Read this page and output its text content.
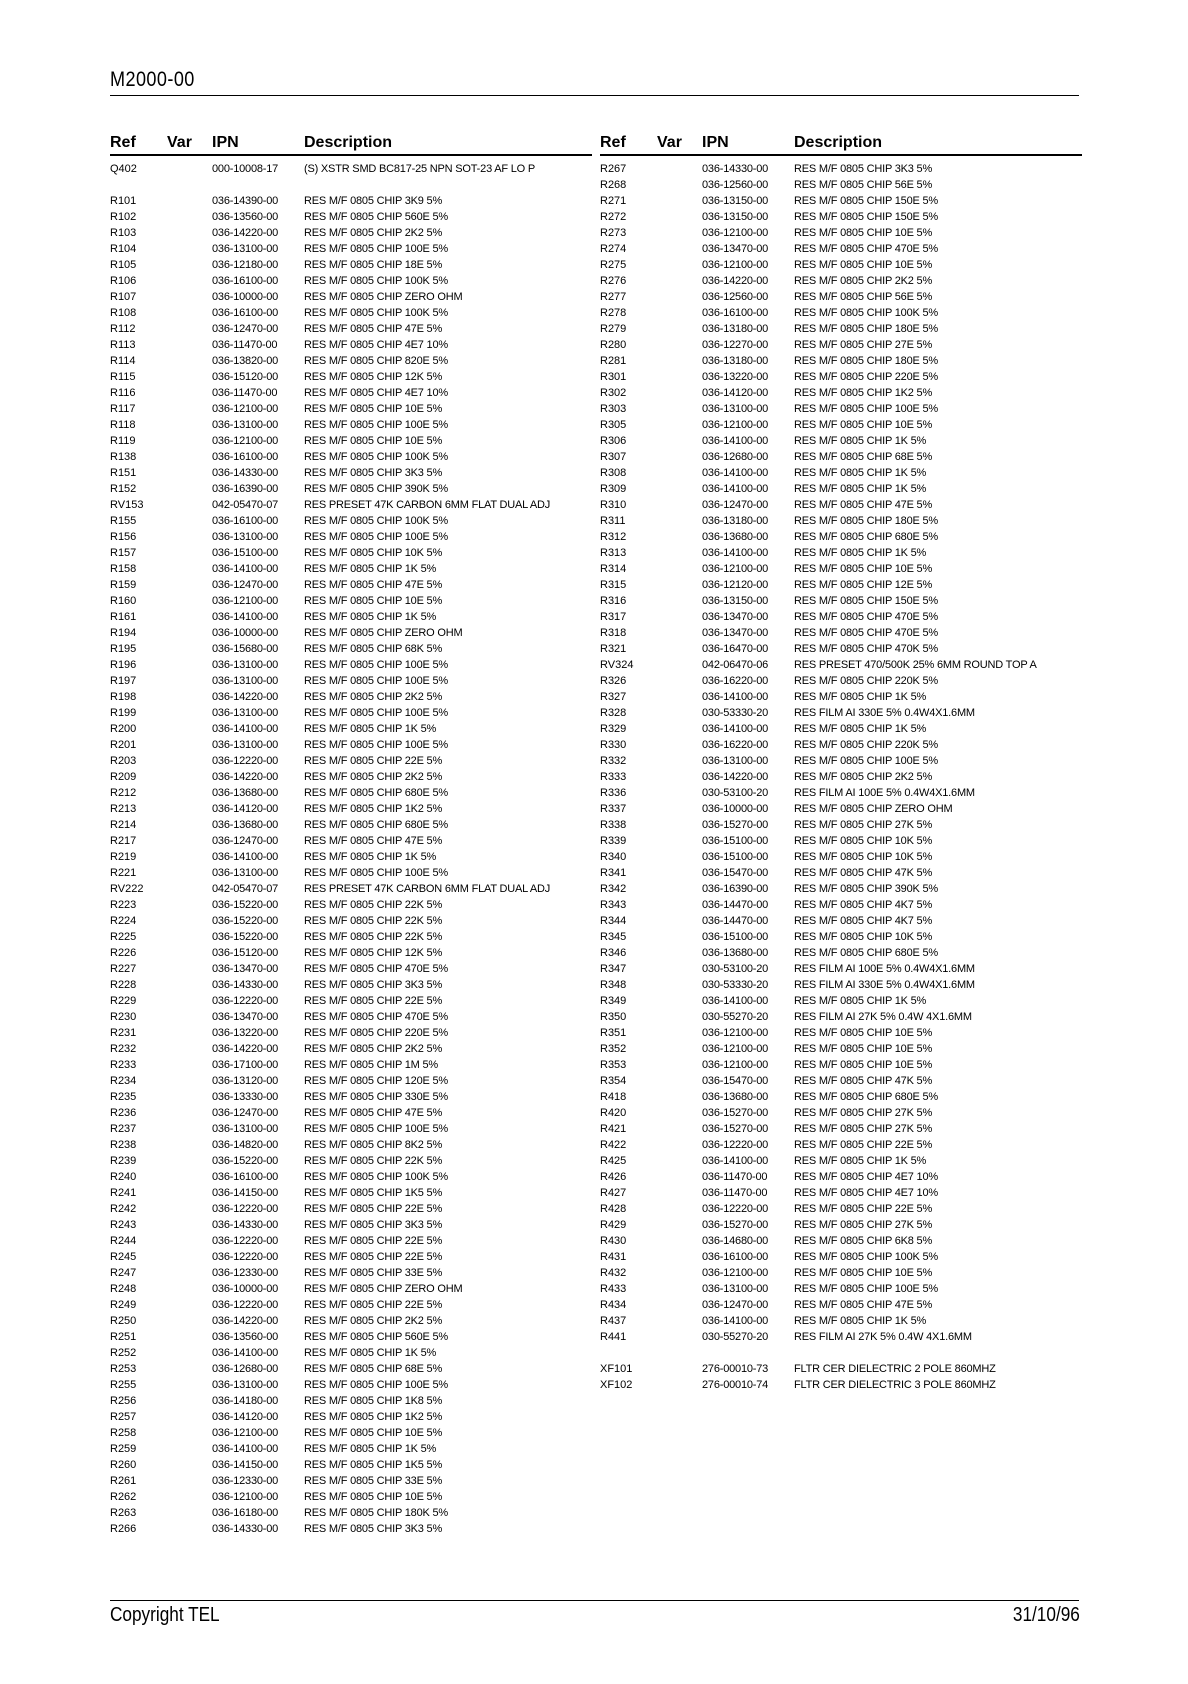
M2000-00
Ref Var IPN	Description
Q402	000-10008-17 (S) XSTR SMD BC817-25 NPN SOT-23 AF LO P
R101	036-14390-00 RES M/F 0805 CHIP 3K9 5%
R102	036-13560-00 RES M/F 0805 CHIP 560E 5%
R103	036-14220-00 RES M/F 0805 CHIP 2K2 5%
R104	036-13100-00 RES M/F 0805 CHIP 100E 5%
R105	036-12180-00 RES M/F 0805 CHIP 18E 5%
R106	036-16100-00 RES M/F 0805 CHIP 100K 5%
R107	036-10000-00 RES M/F 0805 CHIP ZERO OHM
R108	036-16100-00 RES M/F 0805 CHIP 100K 5%
R112	036-12470-00 RES M/F 0805 CHIP 47E 5%
R113	036-11470-00 RES M/F 0805 CHIP 4E7 10%
R114	036-13820-00 RES M/F 0805 CHIP 820E 5%
R115	036-15120-00 RES M/F 0805 CHIP 12K 5%
R116	036-11470-00 RES M/F 0805 CHIP 4E7 10%
R117	036-12100-00 RES M/F 0805 CHIP 10E 5%
R118	036-13100-00 RES M/F 0805 CHIP 100E 5%
R119	036-12100-00 RES M/F 0805 CHIP 10E 5%
R138	036-16100-00 RES M/F 0805 CHIP 100K 5%
R151	036-14330-00 RES M/F 0805 CHIP 3K3 5%
R152	036-16390-00 RES M/F 0805 CHIP 390K 5%
RV153	042-05470-07 RES PRESET 47K CARBON 6MM FLAT DUAL ADJ
R155	036-16100-00 RES M/F 0805 CHIP 100K 5%
R156	036-13100-00 RES M/F 0805 CHIP 100E 5%
R157	036-15100-00 RES M/F 0805 CHIP 10K 5%
R158	036-14100-00 RES M/F 0805 CHIP 1K 5%
R159	036-12470-00 RES M/F 0805 CHIP 47E 5%
R160	036-12100-00 RES M/F 0805 CHIP 10E 5%
R161	036-14100-00 RES M/F 0805 CHIP 1K 5%
R194	036-10000-00 RES M/F 0805 CHIP ZERO OHM
R195	036-15680-00 RES M/F 0805 CHIP 68K 5%
R196	036-13100-00 RES M/F 0805 CHIP 100E 5%
R197	036-13100-00 RES M/F 0805 CHIP 100E 5%
R198	036-14220-00 RES M/F 0805 CHIP 2K2 5%
R199	036-13100-00 RES M/F 0805 CHIP 100E 5%
R200	036-14100-00 RES M/F 0805 CHIP 1K 5%
R201	036-13100-00 RES M/F 0805 CHIP 100E 5%
R203	036-12220-00 RES M/F 0805 CHIP 22E 5%
R209	036-14220-00 RES M/F 0805 CHIP 2K2 5%
R212	036-13680-00 RES M/F 0805 CHIP 680E 5%
R213	036-14120-00 RES M/F 0805 CHIP 1K2 5%
R214	036-13680-00 RES M/F 0805 CHIP 680E 5%
R217	036-12470-00 RES M/F 0805 CHIP 47E 5%
R219	036-14100-00 RES M/F 0805 CHIP 1K 5%
R221	036-13100-00 RES M/F 0805 CHIP 100E 5%
RV222	042-05470-07 RES PRESET 47K CARBON 6MM FLAT DUAL ADJ
R223	036-15220-00 RES M/F 0805 CHIP 22K 5%
R224	036-15220-00 RES M/F 0805 CHIP 22K 5%
R225	036-15220-00 RES M/F 0805 CHIP 22K 5%
R226	036-15120-00 RES M/F 0805 CHIP 12K 5%
R227	036-13470-00 RES M/F 0805 CHIP 470E 5%
R228	036-14330-00 RES M/F 0805 CHIP 3K3 5%
R229	036-12220-00 RES M/F 0805 CHIP 22E 5%
R230	036-13470-00 RES M/F 0805 CHIP 470E 5%
R231	036-13220-00 RES M/F 0805 CHIP 220E 5%
R232	036-14220-00 RES M/F 0805 CHIP 2K2 5%
R233	036-17100-00 RES M/F 0805 CHIP 1M 5%
R234	036-13120-00 RES M/F 0805 CHIP 120E 5%
R235	036-13330-00 RES M/F 0805 CHIP 330E 5%
R236	036-12470-00 RES M/F 0805 CHIP 47E 5%
R237	036-13100-00 RES M/F 0805 CHIP 100E 5%
R238	036-14820-00 RES M/F 0805 CHIP 8K2 5%
R239	036-15220-00 RES M/F 0805 CHIP 22K 5%
R240	036-16100-00 RES M/F 0805 CHIP 100K 5%
R241	036-14150-00 RES M/F 0805 CHIP 1K5 5%
R242	036-12220-00 RES M/F 0805 CHIP 22E 5%
R243	036-14330-00 RES M/F 0805 CHIP 3K3 5%
R244	036-12220-00 RES M/F 0805 CHIP 22E 5%
R245	036-12220-00 RES M/F 0805 CHIP 22E 5%
R247	036-12330-00 RES M/F 0805 CHIP 33E 5%
R248	036-10000-00 RES M/F 0805 CHIP ZERO OHM
R249	036-12220-00 RES M/F 0805 CHIP 22E 5%
R250	036-14220-00 RES M/F 0805 CHIP 2K2 5%
R251	036-13560-00 RES M/F 0805 CHIP 560E 5%
R252	036-14100-00 RES M/F 0805 CHIP 1K 5%
R253	036-12680-00 RES M/F 0805 CHIP 68E 5%
R255	036-13100-00 RES M/F 0805 CHIP 100E 5%
R256	036-14180-00 RES M/F 0805 CHIP 1K8 5%
R257	036-14120-00 RES M/F 0805 CHIP 1K2 5%
R258	036-12100-00 RES M/F 0805 CHIP 10E 5%
R259	036-14100-00 RES M/F 0805 CHIP 1K 5%
R260	036-14150-00 RES M/F 0805 CHIP 1K5 5%
R261	036-12330-00 RES M/F 0805 CHIP 33E 5%
R262	036-12100-00 RES M/F 0805 CHIP 10E 5%
R263	036-16180-00 RES M/F 0805 CHIP 180K 5%
R266	036-14330-00 RES M/F 0805 CHIP 3K3 5%
Ref Var IPN	Description
R267	036-14330-00 RES M/F 0805 CHIP 3K3 5%
R268	036-12560-00 RES M/F 0805 CHIP 56E 5%
R271	036-13150-00 RES M/F 0805 CHIP 150E 5%
R272	036-13150-00 RES M/F 0805 CHIP 150E 5%
R273	036-12100-00 RES M/F 0805 CHIP 10E 5%
R274	036-13470-00 RES M/F 0805 CHIP 470E 5%
R275	036-12100-00 RES M/F 0805 CHIP 10E 5%
R276	036-14220-00 RES M/F 0805 CHIP 2K2 5%
R277	036-12560-00 RES M/F 0805 CHIP 56E 5%
R278	036-16100-00 RES M/F 0805 CHIP 100K 5%
R279	036-13180-00 RES M/F 0805 CHIP 180E 5%
R280	036-12270-00 RES M/F 0805 CHIP 27E 5%
R281	036-13180-00 RES M/F 0805 CHIP 180E 5%
R301	036-13220-00 RES M/F 0805 CHIP 220E 5%
R302	036-14120-00 RES M/F 0805 CHIP 1K2 5%
R303	036-13100-00 RES M/F 0805 CHIP 100E 5%
R305	036-12100-00 RES M/F 0805 CHIP 10E 5%
R306	036-14100-00 RES M/F 0805 CHIP 1K 5%
R307	036-12680-00 RES M/F 0805 CHIP 68E 5%
R308	036-14100-00 RES M/F 0805 CHIP 1K 5%
R309	036-14100-00 RES M/F 0805 CHIP 1K 5%
R310	036-12470-00 RES M/F 0805 CHIP 47E 5%
R311	036-13180-00 RES M/F 0805 CHIP 180E 5%
R312	036-13680-00 RES M/F 0805 CHIP 680E 5%
R313	036-14100-00 RES M/F 0805 CHIP 1K 5%
R314	036-12100-00 RES M/F 0805 CHIP 10E 5%
R315	036-12120-00 RES M/F 0805 CHIP 12E 5%
R316	036-13150-00 RES M/F 0805 CHIP 150E 5%
R317	036-13470-00 RES M/F 0805 CHIP 470E 5%
R318	036-13470-00 RES M/F 0805 CHIP 470E 5%
R321	036-16470-00 RES M/F 0805 CHIP 470K 5%
RV324	042-06470-06 RES PRESET 470/500K 25% 6MM ROUND TOP A
R326	036-16220-00 RES M/F 0805 CHIP 220K 5%
R327	036-14100-00 RES M/F 0805 CHIP 1K 5%
R328	030-53330-20 RES FILM AI 330E 5% 0.4W4X1.6MM
R329	036-14100-00 RES M/F 0805 CHIP 1K 5%
R330	036-16220-00 RES M/F 0805 CHIP 220K 5%
R332	036-13100-00 RES M/F 0805 CHIP 100E 5%
R333	036-14220-00 RES M/F 0805 CHIP 2K2 5%
R336	030-53100-20 RES FILM AI 100E 5% 0.4W4X1.6MM
R337	036-10000-00 RES M/F 0805 CHIP ZERO OHM
R338	036-15270-00 RES M/F 0805 CHIP 27K 5%
R339	036-15100-00 RES M/F 0805 CHIP 10K 5%
R340	036-15100-00 RES M/F 0805 CHIP 10K 5%
R341	036-15470-00 RES M/F 0805 CHIP 47K 5%
R342	036-16390-00 RES M/F 0805 CHIP 390K 5%
R343	036-14470-00 RES M/F 0805 CHIP 4K7 5%
R344	036-14470-00 RES M/F 0805 CHIP 4K7 5%
R345	036-15100-00 RES M/F 0805 CHIP 10K 5%
R346	036-13680-00 RES M/F 0805 CHIP 680E 5%
R347	030-53100-20 RES FILM AI 100E 5% 0.4W4X1.6MM
R348	030-53330-20 RES FILM AI 330E 5% 0.4W4X1.6MM
R349	036-14100-00 RES M/F 0805 CHIP 1K 5%
R350	030-55270-20 RES FILM AI 27K 5% 0.4W 4X1.6MM
R351	036-12100-00 RES M/F 0805 CHIP 10E 5%
R352	036-12100-00 RES M/F 0805 CHIP 10E 5%
R353	036-12100-00 RES M/F 0805 CHIP 10E 5%
R354	036-15470-00 RES M/F 0805 CHIP 47K 5%
R418	036-13680-00 RES M/F 0805 CHIP 680E 5%
R420	036-15270-00 RES M/F 0805 CHIP 27K 5%
R421	036-15270-00 RES M/F 0805 CHIP 27K 5%
R422	036-12220-00 RES M/F 0805 CHIP 22E 5%
R425	036-14100-00 RES M/F 0805 CHIP 1K 5%
R426	036-11470-00 RES M/F 0805 CHIP 4E7 10%
R427	036-11470-00 RES M/F 0805 CHIP 4E7 10%
R428	036-12220-00 RES M/F 0805 CHIP 22E 5%
R429	036-15270-00 RES M/F 0805 CHIP 27K 5%
R430	036-14680-00 RES M/F 0805 CHIP 6K8 5%
R431	036-16100-00 RES M/F 0805 CHIP 100K 5%
R432	036-12100-00 RES M/F 0805 CHIP 10E 5%
R433	036-13100-00 RES M/F 0805 CHIP 100E 5%
R434	036-12470-00 RES M/F 0805 CHIP 47E 5%
R437	036-14100-00 RES M/F 0805 CHIP 1K 5%
R441	030-55270-20 RES FILM AI 27K 5% 0.4W 4X1.6MM
XF101	276-00010-73 FLTR CER DIELECTRIC 2 POLE 860MHZ
XF102	276-00010-74 FLTR CER DIELECTRIC 3 POLE 860MHZ
Copyright TEL	31/10/96
